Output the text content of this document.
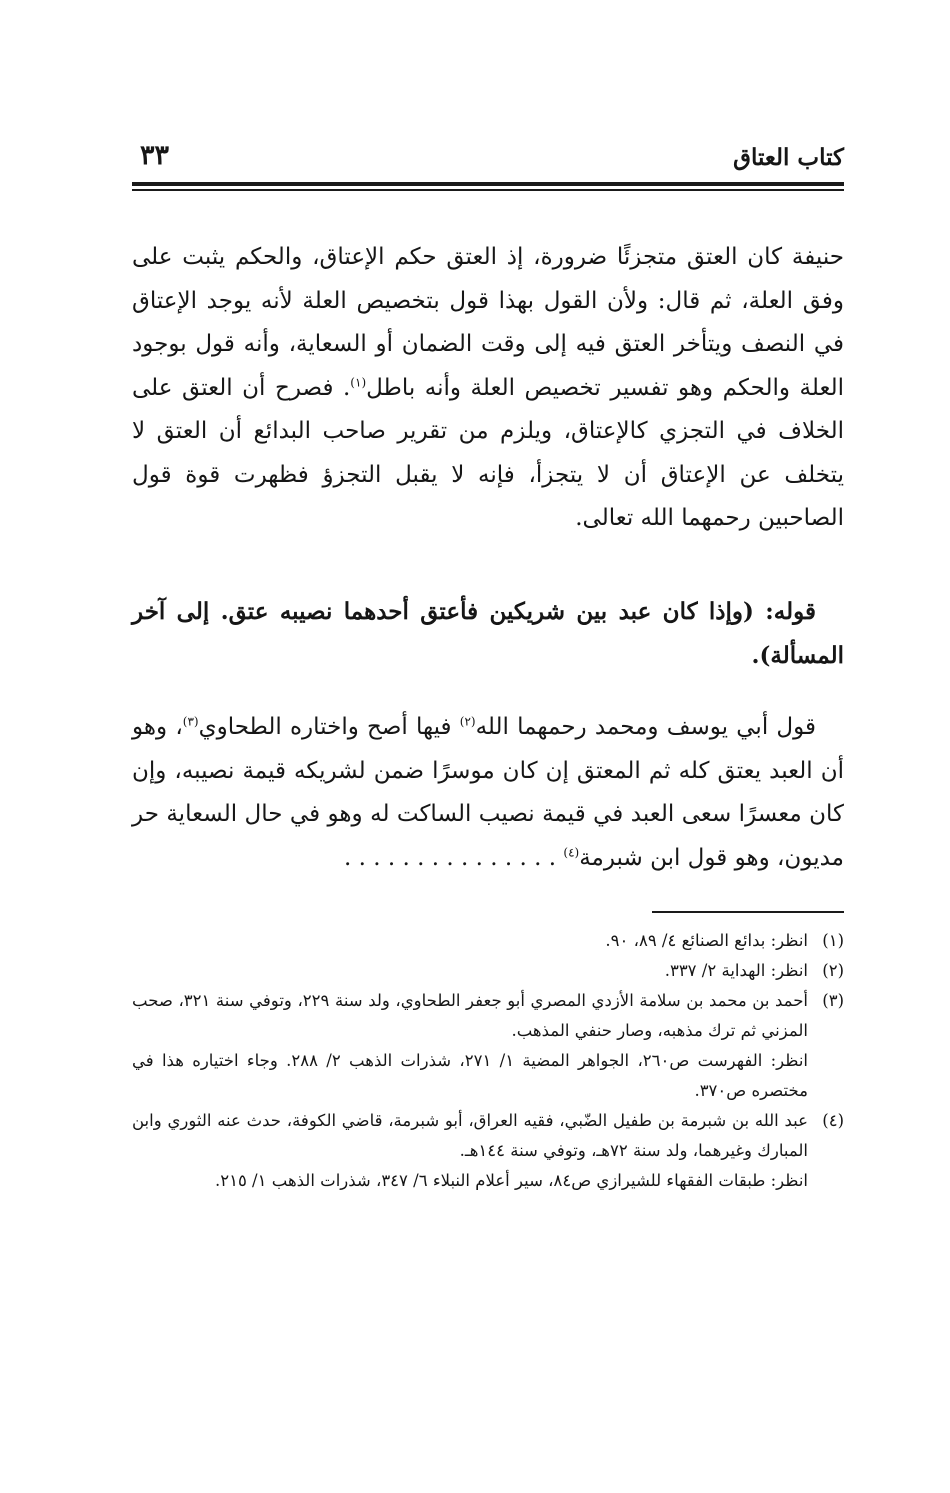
كتاب العتاق
٣٣
حنيفة كان العتق متجزئًا ضرورة، إذ العتق حكم الإعتاق، والحكم يثبت على وفق العلة، ثم قال: ولأن القول بهذا قول بتخصيص العلة لأنه يوجد الإعتاق في النصف ويتأخر العتق فيه إلى وقت الضمان أو السعاية، وأنه قول بوجود العلة والحكم وهو تفسير تخصيص العلة وأنه باطل$^{(١)}$. فصرح أن العتق على الخلاف في التجزي كالإعتاق، ويلزم من تقرير صاحب البدائع أن العتق لا يتخلف عن الإعتاق أن لا يتجزأ، فإنه لا يقبل التجزؤ فظهرت قوة قول الصاحبين رحمهما الله تعالى.
قوله: (وإذا كان عبد بين شريكين فأعتق أحدهما نصيبه عتق. إلى آخر المسألة).
قول أبي يوسف ومحمد رحمهما الله$^{(٢)}$ فيها أصح واختاره الطحاوي$^{(٣)}$، وهو أن العبد يعتق كله ثم المعتق إن كان موسرًا ضمن لشريكه قيمة نصيبه، وإن كان معسرًا سعى العبد في قيمة نصيب الساكت له وهو في حال السعاية حر مديون، وهو قول ابن شبرمة$^{(٤)}$ . . . . . . . . . . . . . . .
(١)
انظر: بدائع الصنائع ٤/ ٨٩، ٩٠.
(٢)
انظر: الهداية ٢/ ٣٣٧.
(٣)
أحمد بن محمد بن سلامة الأزدي المصري أبو جعفر الطحاوي، ولد سنة ٢٢٩، وتوفي سنة ٣٢١، صحب المزني ثم ترك مذهبه، وصار حنفي المذهب.
انظر: الفهرست ص٢٦٠، الجواهر المضية ١/ ٢٧١، شذرات الذهب ٢/ ٢٨٨. وجاء اختياره هذا في مختصره ص٣٧٠.
(٤)
عبد الله بن شبرمة بن طفيل الضّبي، فقيه العراق، أبو شبرمة، قاضي الكوفة، حدث عنه الثوري وابن المبارك وغيرهما، ولد سنة ٧٢هـ، وتوفي سنة ١٤٤هـ.
انظر: طبقات الفقهاء للشيرازي ص٨٤، سير أعلام النبلاء ٦/ ٣٤٧، شذرات الذهب ١/ ٢١٥.
